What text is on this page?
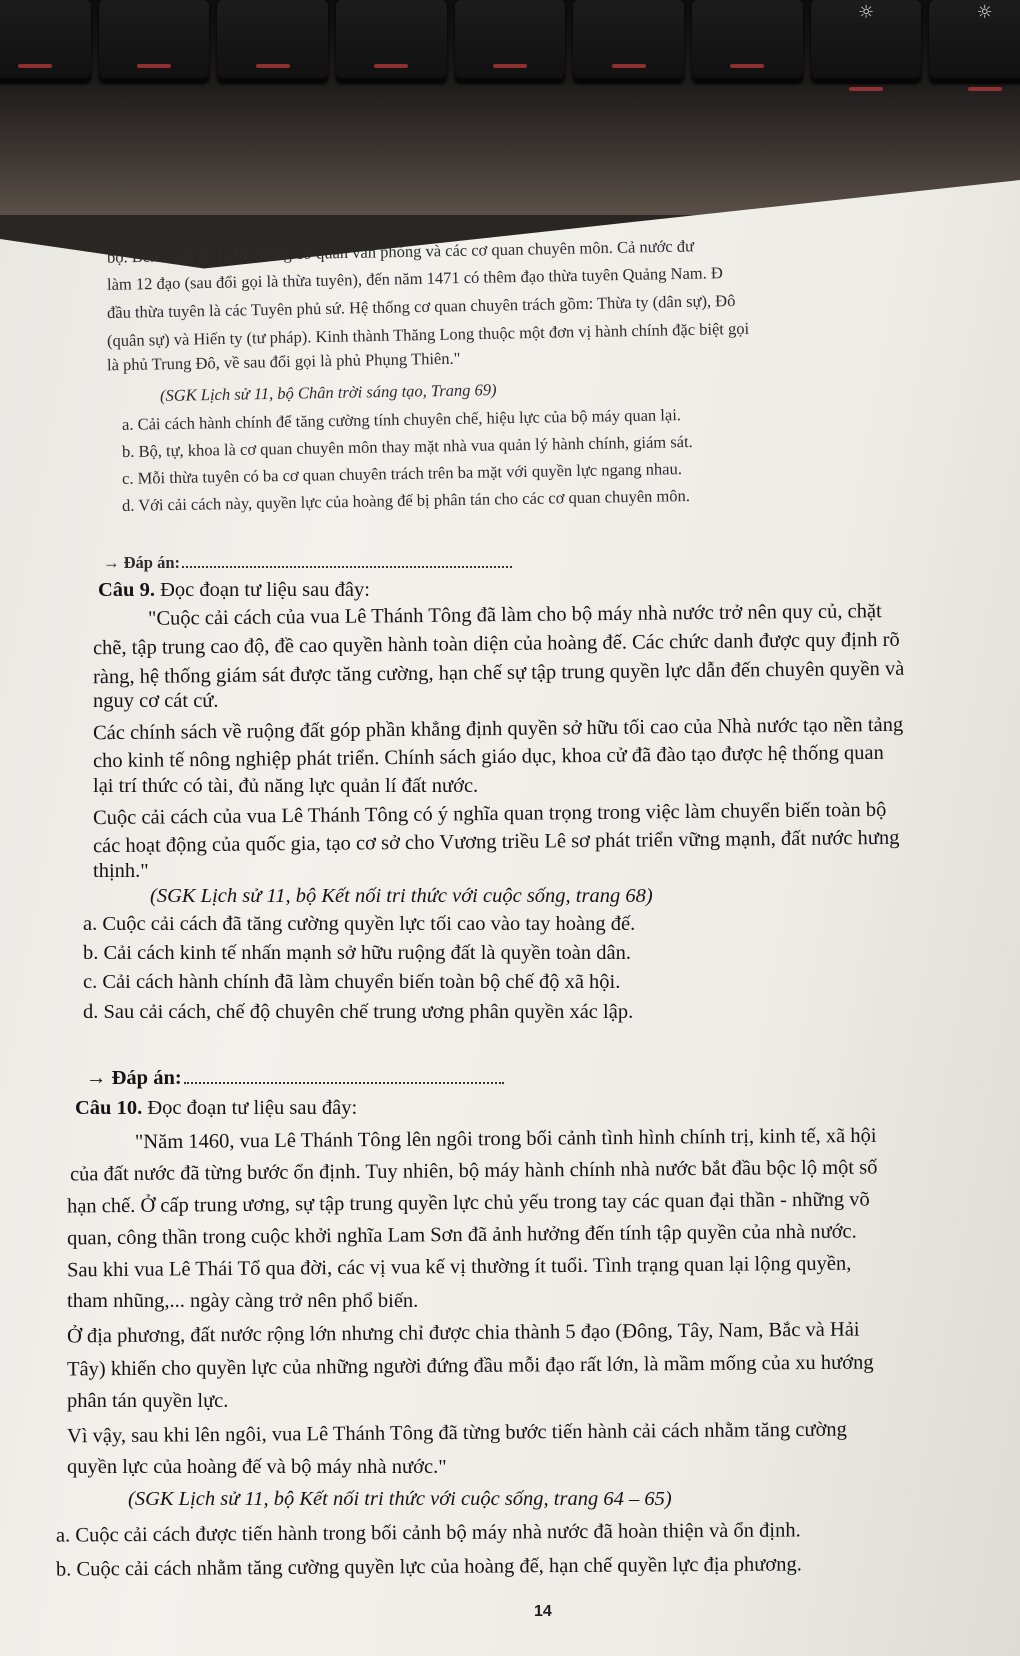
☼	☼

bộ. Bên cạnh đó là hệ thống cơ quan văn phòng và các cơ quan chuyên môn. Cả nước đư

làm 12 đạo (sau đổi gọi là thừa tuyên), đến năm 1471 có thêm đạo thừa tuyên Quảng Nam. Đ

đầu thừa tuyên là các Tuyên phủ sứ. Hệ thống cơ quan chuyên trách gồm: Thừa ty (dân sự), Đô

(quân sự) và Hiến ty (tư pháp). Kinh thành Thăng Long thuộc một đơn vị hành chính đặc biệt gọi

là phủ Trung Đô, về sau đổi gọi là phủ Phụng Thiên."

(SGK Lịch sử 11, bộ Chân trời sáng tạo, Trang 69)

a. Cải cách hành chính để tăng cường tính chuyên chế, hiệu lực của bộ máy quan lại.

b. Bộ, tự, khoa là cơ quan chuyên môn thay mặt nhà vua quản lý hành chính, giám sát.

c. Mỗi thừa tuyên có ba cơ quan chuyên trách trên ba mặt với quyền lực ngang nhau.

d. Với cải cách này, quyền lực của hoàng đế bị phân tán cho các cơ quan chuyên môn.

→ Đáp án:

Câu 9. Đọc đoạn tư liệu sau đây:

"Cuộc cải cách của vua Lê Thánh Tông đã làm cho bộ máy nhà nước trở nên quy củ, chặt

chẽ, tập trung cao độ, đề cao quyền hành toàn diện của hoàng đế. Các chức danh được quy định rõ

ràng, hệ thống giám sát được tăng cường, hạn chế sự tập trung quyền lực dẫn đến chuyên quyền và

nguy cơ cát cứ.

Các chính sách về ruộng đất góp phần khẳng định quyền sở hữu tối cao của Nhà nước tạo nền tảng

cho kinh tế nông nghiệp phát triển. Chính sách giáo dục, khoa cử đã đào tạo được hệ thống quan

lại trí thức có tài, đủ năng lực quản lí đất nước.

Cuộc cải cách của vua Lê Thánh Tông có ý nghĩa quan trọng trong việc làm chuyển biến toàn bộ

các hoạt động của quốc gia, tạo cơ sở cho Vương triều Lê sơ phát triển vững mạnh, đất nước hưng

thịnh."

(SGK Lịch sử 11, bộ Kết nối tri thức với cuộc sống, trang 68)

a. Cuộc cải cách đã tăng cường quyền lực tối cao vào tay hoàng đế.

b. Cải cách kinh tế nhấn mạnh sở hữu ruộng đất là quyền toàn dân.

c. Cải cách hành chính đã làm chuyển biến toàn bộ chế độ xã hội.

d. Sau cải cách, chế độ chuyên chế trung ương phân quyền xác lập.

→ Đáp án:

Câu 10. Đọc đoạn tư liệu sau đây:

"Năm 1460, vua Lê Thánh Tông lên ngôi trong bối cảnh tình hình chính trị, kinh tế, xã hội

của đất nước đã từng bước ổn định. Tuy nhiên, bộ máy hành chính nhà nước bắt đầu bộc lộ một số

hạn chế. Ở cấp trung ương, sự tập trung quyền lực chủ yếu trong tay các quan đại thần - những võ

quan, công thần trong cuộc khởi nghĩa Lam Sơn đã ảnh hưởng đến tính tập quyền của nhà nước.

Sau khi vua Lê Thái Tổ qua đời, các vị vua kế vị thường ít tuổi. Tình trạng quan lại lộng quyền,

tham nhũng,... ngày càng trở nên phổ biến.

Ở địa phương, đất nước rộng lớn nhưng chỉ được chia thành 5 đạo (Đông, Tây, Nam, Bắc và Hải

Tây) khiến cho quyền lực của những người đứng đầu mỗi đạo rất lớn, là mầm mống của xu hướng

phân tán quyền lực.

Vì vậy, sau khi lên ngôi, vua Lê Thánh Tông đã từng bước tiến hành cải cách nhằm tăng cường

quyền lực của hoàng đế và bộ máy nhà nước."

(SGK Lịch sử 11, bộ Kết nối tri thức với cuộc sống, trang 64 – 65)

a. Cuộc cải cách được tiến hành trong bối cảnh bộ máy nhà nước đã hoàn thiện và ổn định.

b. Cuộc cải cách nhằm tăng cường quyền lực của hoàng đế, hạn chế quyền lực địa phương.

14
